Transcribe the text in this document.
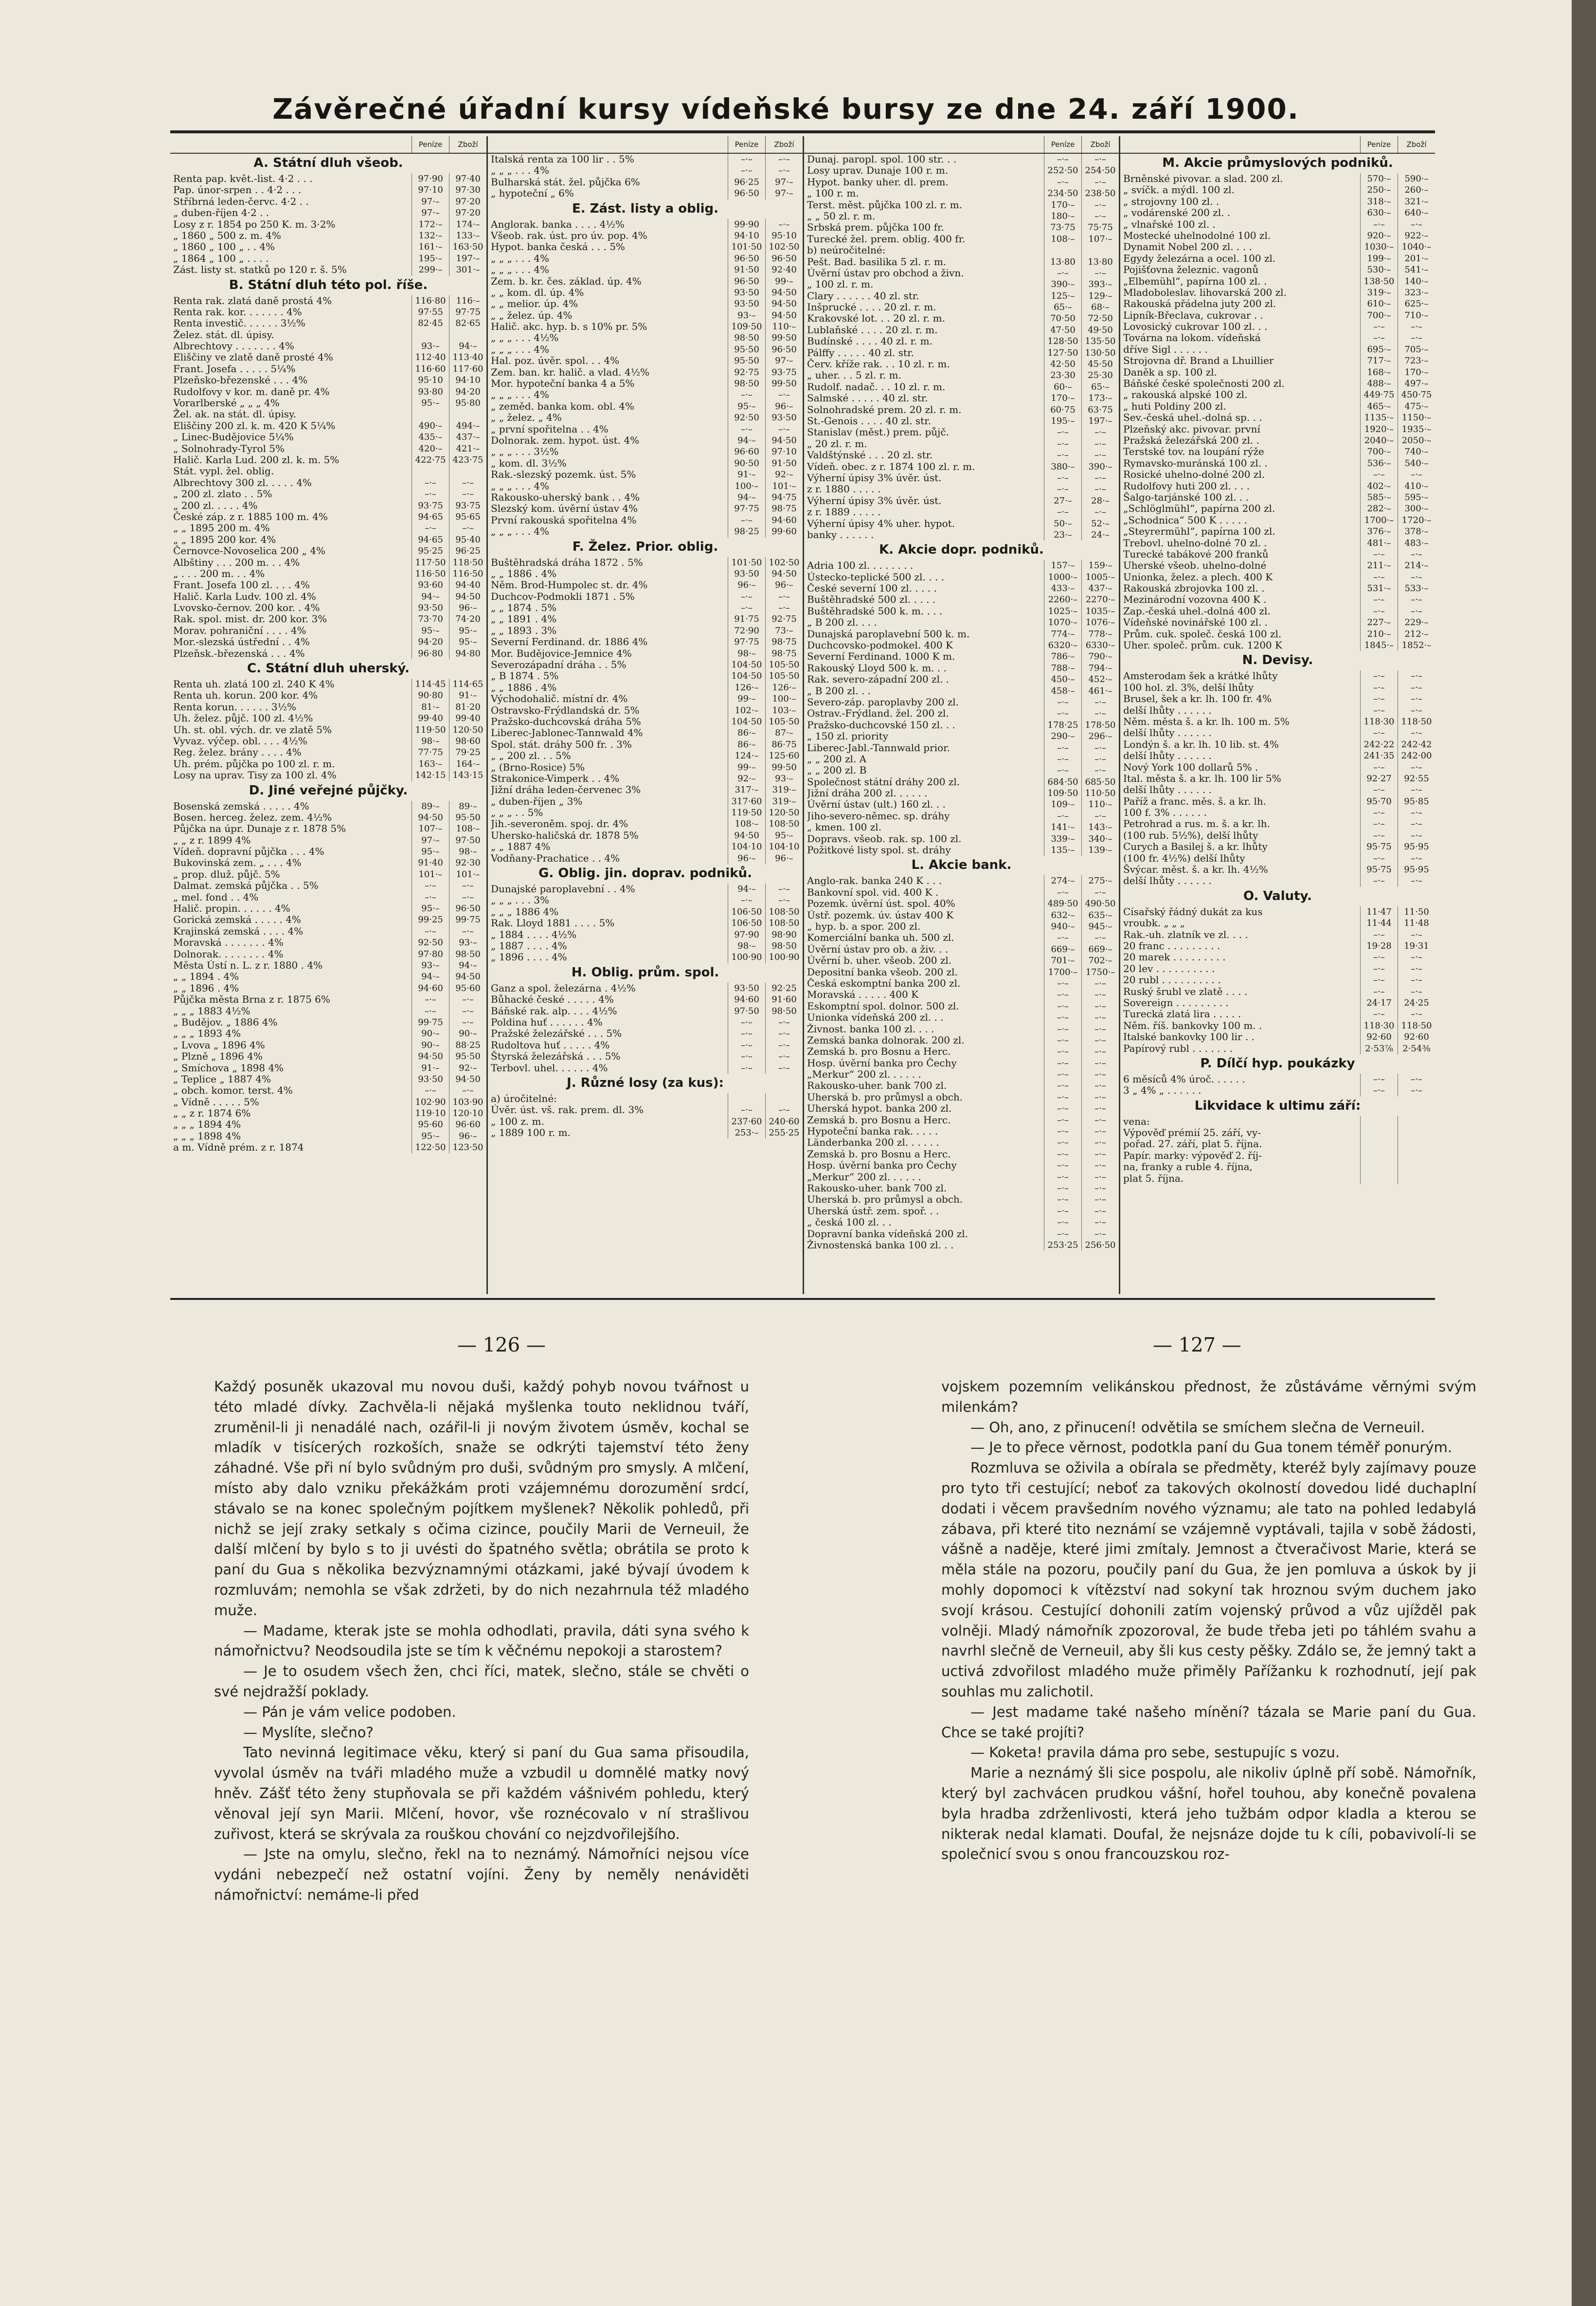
Závěrečné úřadní kursy vídeňské bursy ze dne 24. září 1900.
Peníze	Zboží
A. Státní dluh všeob.
Renta pap. květ.-list. 4·2 . . .	97·90	97·40
Pap. únor-srpen . . 4·2 . . .	97·10	97·30
Stříbrná leden-červc. 4·2 . .	97·–	97·20
„ duben-říjen 4·2 . .	97·–	97·20
Losy z r. 1854 po 250 K. m. 3·2%	172·–	174·–
„ 1860 „ 500 z. m. 4%	132·–	133·–
„ 1860 „ 100 „ . . 4%	161·–	163·50
„ 1864 „ 100 „ . . . .	195·–	197·–
Zást. listy st. statků po 120 r. š. 5%	299·–	301·–
B. Státní dluh této pol. říše.
Renta rak. zlatá daně prostá 4%	116·80	116·–
Renta rak. kor. . . . . . . 4%	97·55	97·75
Renta investič. . . . . . 3½%	82·45	82·65
Želez. stát. dl. úpisy.
Albrechtovy . . . . . . . 4%	93·–	94·–
Eliščiny ve zlatě daně prosté 4%	112·40 113·40
Frant. Josefa . . . . . 5¼%	116·60 117·60
Plzeňsko-březenské . . . 4%	95·10	94·10
Rudolfovy v kor. m. daně pr. 4%	93·80	94·20
Vorarlberské „ „ „ 4%	95·–	95·80
Žel. ak. na stát. dl. úpisy.
Eliščiny 200 zl. k. m. 420 K 5¼%	490·–	494·–
„ Linec-Budějovice 5¼%	435·–	437·–
„ Solnohrady-Tyrol 5%	420·–	421·–
Halič. Karla Lud. 200 zl. k. m. 5%	422·75 423·75
Stát. vypl. žel. oblig.
Albrechtovy 300 zl. . . . . 4%	–·–	–·–
„ 200 zl. zlato . . 5%	–·–	–·–
„ 200 zl. . . . . 4%	93·75	93·75
České záp. z r. 1885 100 m. 4%	94·65	95·65
„ „ 1895 200 m. 4%	–·–	–·–
„ „ 1895 200 kor. 4%	94·65	95·40
Černovce-Novoselica 200 „ 4%	95·25	96·25
Albštiny . . . 200 m. . . 4%	117·50 118·50
„ . . . 200 m. . . 4%	116·50 116·50
Frant. Josefa 100 zl. . . . 4%	93·60	94·40
Halič. Karla Ludv. 100 zl. 4%	94·–	94·50
Lvovsko-černov. 200 kor. . 4%	93·50	96·–
Rak. spol. mist. dr. 200 kor. 3%	73·70	74·20
Morav. pohraniční . . . . 4%	95·–	95·–
Mor.-slezská ústřední . . 4%	94·20	95·–
Plzeňsk.-březenská . . . 4%	96·80	94·80
C. Státní dluh uherský.
Renta uh. zlatá 100 zl. 240 K 4%	114·45 114·65
Renta uh. korun. 200 kor. 4%	90·80	91·–
Renta korun. . . . . . 3½%	81·–	81·20
Uh. želez. půjč. 100 zl. 4½%	99·40	99·40
Uh. st. obl. vých. dr. ve zlatě 5%	119·50 120·50
Vyvaz. výčep. obl. . . . 4½%	98·–	98·60
Reg. želez. brány . . . . 4%	77·75	79·25
Uh. prém. půjčka po 100 zl. r. m.	163·–	164·–
Losy na uprav. Tisy za 100 zl. 4%	142·15 143·15
D. Jiné veřejné půjčky.
Bosenská zemská . . . . . 4%	89·–	89·–
Bosen. herceg. želez. zem. 4½%	94·50	95·50
Půjčka na úpr. Dunaje z r. 1878 5%	107·–	108·–
„ „ z r. 1899 4%	97·–	97·50
Vídeň. dopravní půjčka . . . 4%	95·–	98·–
Bukovinská zem. „ . . . 4%	91·40	92·30
„ prop. dluž. půjč. 5%	101·–	101·–
Dalmat. zemská půjčka . . 5%	–·–	–·–
„ mel. fond . . 4%	–·–	–·–
Halič. propin. . . . . . 4%	95·–	96·50
Gorická zemská . . . . . 4%	99·25	99·75
Krajinská zemská . . . . 4%	–·–	–·–
Moravská . . . . . . . 4%	92·50	93·–
Dolnorak. . . . . . . . 4%	97·80	98·50
Města Ústí n. L. z r. 1880 . 4%	93·–	94·–
„ „ 1894 . 4%	94·–	94·50
„ „ 1896 . 4%	94·60	95·60
Půjčka města Brna z r. 1875 6%	–·–	–·–
„ „ „ 1883 4½%	–·–	–·–
„ Budějov. „ 1886 4%	99·75	–·–
„ „ „ 1893 4%	90·–	90·–
„ Lvova „ 1896 4%	90·–	88·25
„ Plzně „ 1896 4%	94·50	95·50
„ Smíchova „ 1898 4%	91·–	92·–
„ Teplice „ 1887 4%	93·50	94·50
„ obch. komor. terst. 4%	–·–	–·–
„ Vídně . . . . . 5%	102·90 103·90
„ „ z r. 1874 6%	119·10 120·10
„ „ „ 1894 4%	95·60	96·60
„ „ „ 1898 4%	95·–	96·–
a m. Vídně prém. z r. 1874	122·50 123·50
Peníze	Zboží
Italská renta za 100 lir . . 5%	–·–	–·–
„ „ „ . . . 4%	–·–	–·–
Bulharská stát. žel. půjčka 6%	96·25	97·–
„ hypoteční „ 6%	96·50	97·–
E. Zást. listy a oblig.
Anglorak. banka . . . . 4½%	99·90	–·–
Všeob. rak. úst. pro úv. pop. 4%	94·10	95·10
Hypot. banka česká . . . 5%	101·50 102·50
„ „ „ . . . 4%	96·50	96·50
„ „ „ . . . 4%	91·50	92·40
Zem. b. kr. čes. základ. úp. 4%	96·50	99·–
„ „ kom. dl. úp. 4%	93·50	94·50
„ „ melior. úp. 4%	93·50	94·50
„ „ želez. úp. 4%	93·–	94·50
Halič. akc. hyp. b. s 10% pr. 5%	109·50	110·–
„ „ „ . . . 4½%	98·50	99·50
„ „ „ . . . 4%	95·50	96·50
Hal. poz. úvěr. spol. . . 4%	95·50	97·–
Zem. ban. kr. halič. a vlad. 4½%	92·75	93·75
Mor. hypoteční banka 4 a 5%	98·50	99·50
„ „ „ . . . 4%	–·–	–·–
„ zeměd. banka kom. obl. 4%	95·–	96·–
„ „ želez. „ 4%	92·50	93·50
„ první spořitelna . . 4%	–·–	–·–
Dolnorak. zem. hypot. úst. 4%	94·–	94·50
„ „ „ . . . 3½%	96·60	97·10
„ kom. dl. 3½%	90·50	91·50
Rak.-slezský pozemk. úst. 5%	91·–	92·–
„ „ „ . . . 4%	100·–	101·–
Rakousko-uherský bank . . 4%	94·–	94·75
Slezský kom. úvěrní ústav 4%	97·75	98·75
První rakouská spořitelna 4%	–·–	94·60
„ „ „ . . . 4%	98·25	99·60
F. Želez. Prior. oblig.
Buštěhradská dráha 1872 . 5%	101·50 102·50
„ „ 1886 . 4%	93·50	94·50
Něm. Brod-Humpolec st. dr. 4%	96·–	96·–
Duchcov-Podmokli 1871 . 5%	–·–	–·–
„ „ 1874 . 5%	–·–	–·–
„ „ 1891 . 4%	91·75	92·75
„ „ 1893 . 3%	72·90	73·–
Severní Ferdinand. dr. 1886 4%	97·75	98·75
Mor. Budějovice-Jemnice 4%	98·–	98·75
Severozápadní dráha . . 5%	104·50 105·50
„ B 1874 . 5%	104·50 105·50
„ „ 1886 . 4%	126·–	126·–
Východohalič. místní dr. 4%	99·–	100·–
Ostravsko-Frýdlandská dr. 5%	102·–	103·–
Pražsko-duchcovská dráha 5%	104·50 105·50
Liberec-Jablonec-Tannwald 4%	86·–	87·–
Spol. stát. dráhy 500 fr. . 3%	86·–	86·75
„ „ 200 zl. . . 5%	124·–	125·60
„ (Brno-Rosice) 5%	99·–	99·50
Strakonice-Vimperk . . 4%	92·–	93·–
Jižní dráha leden-červenec 3%	317·–	319·–
„ duben-říjen „ 3%	317·60	319·–
„ „ „ . . 5%	119·50 120·50
Jih.-severoněm. spoj. dr. 4%	108·–	108·50
Uhersko-haličská dr. 1878 5%	94·50	95·–
„ „ 1887 4%	104·10 104·10
Vodňany-Prachatice . . 4%	96·–	96·–
G. Oblig. jin. doprav. podniků.
Dunajské paroplavební . . 4%	94·–	–·–
„ „ „ . . . 3%	–·–	–·–
„ „ „ 1886 4%	106·50 108·50
Rak. Lloyd 1881 . . . . 5%	106·50 108·50
„ 1884 . . . . 4½%	97·90	98·90
„ 1887 . . . . 4%	98·–	98·50
„ 1896 . . . . 4%	100·90 100·90
H. Oblig. prům. spol.
Ganz a spol. železárna . 4½%	93·50	92·25
Bůhacké české . . . . . 4%	94·60	91·60
Báňské rak. alp. . . . 4½%	97·50	98·50
Poldina huť . . . . . . 4%	–·–	–·–
Pražské železářské . . . 5%	–·–	–·–
Rudoltova huť . . . . . 4%	–·–	–·–
Štyrská železářská . . . 5%	–·–	–·–
Terbovl. uhel. . . . . . 4%	–·–	–·–
J. Různé losy (za kus):
a) úročitelné:
Úvěr. úst. vš. rak. prem. dl. 3%	–·–	–·–
„ 100 z. m.	237·60 240·60
„ 1889 100 r. m.	253·–	255·25
Peníze	Zboží
Dunaj. paropl. spol. 100 str. . .	–·–	–·–
Losy uprav. Dunaje 100 r. m.	252·50 254·50
Hypot. banky uher. dl. prem.	–·–	–·–
„ 100 r. m.	234·50 238·50
Terst. měst. půjčka 100 zl. r. m.	170·–	–·–
„ „ 50 zl. r. m.	180·–	–·–
Srbská prem. půjčka 100 fr.	73·75	75·75
Turecké žel. prem. oblig. 400 fr.	108·–	107·–
b) neúročitelné:
Pešt. Bad. basilika 5 zl. r. m.	13·80	13·80
Úvěrní ústav pro obchod a živn.	–·–	–·–
„ 100 zl. r. m.	390·–	393·–
Clary . . . . . . 40 zl. str.	125·–	129·–
Inšprucké . . . . 20 zl. r. m.	65·–	68·–
Krakovské lot. . . 20 zl. r. m.	70·50	72·50
Lublaňské . . . . 20 zl. r. m.	47·50	49·50
Budínské . . . . 40 zl. r. m.	128·50 135·50
Pálffy . . . . . 40 zl. str.	127·50 130·50
Červ. kříže rak. . . 10 zl. r. m.	42·50	45·50
„ uher. . . 5 zl. r. m.	23·30	25·30
Rudolf. nadač. . . 10 zl. r. m.	60·–	65·–
Salmské . . . . . 40 zl. str.	170·–	173·–
Solnohradské prem. 20 zl. r. m.	60·75	63·75
St.-Genois . . . . 40 zl. str.	195·–	197·–
Stanislav (měst.) prem. půjč.	–·–	–·–
„ 20 zl. r. m.	–·–	–·–
Valdštýnské . . . 20 zl. str.	–·–	–·–
Vídeň. obec. z r. 1874 100 zl. r. m.	380·–	390·–
Výherní úpisy 3% úvěr. úst.	–·–	–·–
z r. 1880 . . . . .	–·–	–·–
Výherní úpisy 3% úvěr. úst.	27·–	28·–
z r. 1889 . . . . .	–·–	–·–
Výherní úpisy 4% uher. hypot.	50·–	52·–
banky . . . . . .	23·–	24·–
K. Akcie dopr. podniků.
Adria 100 zl. . . . . . . .	157·–	159·–
Ústecko-teplické 500 zl. . . .	1000·– 1005·–
České severní 100 zl. . . . .	433·–	437·–
Buštěhradské 500 zl. . . . .	2260·– 2270·–
Buštěhradské 500 k. m. . . .	1025·– 1035·–
„ B 200 zl. . . .	1070·– 1076·–
Dunajská paroplavební 500 k. m.	774·–	778·–
Duchcovsko-podmokel. 400 K	6320·– 6330·–
Severní Ferdinand. 1000 K m.	786·–	790·–
Rakouský Lloyd 500 k. m. . .	788·–	794·–
Rak. severo-západní 200 zl. .	450·–	452·–
„ B 200 zl. . .	458·–	461·–
Severo-záp. paroplavby 200 zl.	–·–	–·–
Ostrav.-Frýdland. žel. 200 zl.	–·–	–·–
Pražsko-duchcovské 150 zl. . .	178·25 178·50
„ 150 zl. priority	290·–	296·–
Liberec-Jabl.-Tannwald prior.	–·–	–·–
„ „ 200 zl. A	–·–	–·–
„ „ 200 zl. B	–·–	–·–
Společnost státní dráhy 200 zl.	684·50 685·50
Jižní dráha 200 zl. . . . . .	109·50 110·50
Úvěrní ústav (ult.) 160 zl. . .	109·–	110·–
Jiho-severo-němec. sp. dráhy	–·–	–·–
„ kmen. 100 zl.	141·–	143·–
Dopravs. všeob. rak. sp. 100 zl.	339·–	340·–
Požitkové listy spol. st. dráhy	135·–	139·–
L. Akcie bank.
Anglo-rak. banka 240 K . . .	274·–	275·–
Bankovní spol. vid. 400 K .	–·–	–·–
Pozemk. úvěrní úst. spol. 40%	489·50 490·50
Ústř. pozemk. úv. ústav 400 K	632·–	635·–
„ hyp. b. a spor. 200 zl.	940·–	945·–
Komerciální banka uh. 500 zl.	–·–	–·–
Úvěrní ústav pro ob. a živ. . .	669·–	669·–
Úvěrní b. uher. všeob. 200 zl.	701·–	702·–
Depositní banka všeob. 200 zl.	1700·– 1750·–
Česká eskomptní banka 200 zl.	–·–	–·–
Moravská . . . . . 400 K	–·–	–·–
Eskomptní spol. dolnor. 500 zl.	–·–	–·–
Unionka vídeňská 200 zl. . .	–·–	–·–
Živnost. banka 100 zl. . . .	–·–	–·–
Zemská banka dolnorak. 200 zl.	–·–	–·–
Zemská b. pro Bosnu a Herc.	–·–	–·–
Hosp. úvěrní banka pro Čechy	–·–	–·–
„Merkur“ 200 zl. . . . . .	–·–	–·–
Rakousko-uher. bank 700 zl.	–·–	–·–
Uherská b. pro průmysl a obch.	–·–	–·–
Uherská hypot. banka 200 zl.	–·–	–·–
Zemská b. pro Bosnu a Herc.	–·–	–·–
Hypoteční banka rak. . . . .	–·–	–·–
Länderbanka 200 zl. . . . . .	–·–	–·–
Zemská b. pro Bosnu a Herc.	–·–	–·–
Hosp. úvěrní banka pro Čechy	–·–	–·–
„Merkur“ 200 zl. . . . . .	–·–	–·–
Rakousko-uher. bank 700 zl.	–·–	–·–
Uherská b. pro průmysl a obch.	–·–	–·–
Uherská ústř. zem. spoř. . .	–·–	–·–
„ česká 100 zl. . .	–·–	–·–
Dopravní banka vídeňská 200 zl.	–·–	–·–
Živnostenská banka 100 zl. . .	253·25 256·50
Peníze	Zboží
M. Akcie průmyslových podniků.
Brněnské pivovar. a slad. 200 zl.	570·–	590·–
„ svíčk. a mýdl. 100 zl.	250·–	260·–
„ strojovny 100 zl. .	318·–	321·–
„ vodárenské 200 zl. .	630·–	640·–
„ vlnařské 100 zl. .	–·–	–·–
Mostecké uhelnodolné 100 zl.	920·–	922·–
Dynamit Nobel 200 zl. . . .	1030·– 1040·–
Egydy železárna a ocel. 100 zl.	199·–	201·–
Pojišťovna železnic. vagonů	530·–	541·–
„Elbemühl“, papírna 100 zl. .	138·50	140·–
Mladoboleslav. lihovarská 200 zl.	319·–	323·–
Rakouská přádelna juty 200 zl.	610·–	625·–
Lipník-Břeclava, cukrovar . .	700·–	710·–
Lovosický cukrovar 100 zl. . .	–·–	–·–
Továrna na lokom. vídeňská	–·–	–·–
dříve Sigl . . . . . .	695·–	705·–
Strojovna dř. Brand a Lhuillier	717·–	723·–
Daněk a sp. 100 zl.	168·–	170·–
Báňské české společnosti 200 zl.	488·–	497·–
„ rakouská alpské 100 zl.	449·75 450·75
„ huti Poldiny 200 zl.	465·–	475·–
Sev.-česká uhel.-dolná sp. . .	1135·– 1150·–
Plzeňský akc. pivovar. první	1920·– 1935·–
Pražská železářská 200 zl. .	2040·– 2050·–
Terstské tov. na loupání rýže	700·–	740·–
Rymavsko-muránská 100 zl. .	536·–	540·–
Rosické uhelno-dolné 200 zl.	–·–	–·–
Rudolfovy huti 200 zl. . . .	402·–	410·–
Šalgo-tarjánské 100 zl. . .	585·–	595·–
„Schlöglmühl“, papírna 200 zl.	282·–	300·–
„Schodnica“ 500 K . . . . .	1700·– 1720·–
„Steyrermühl“, papírna 100 zl.	376·–	378·–
Trebovl. uhelno-dolné 70 zl. .	481·–	483·–
Turecké tabákové 200 franků	–·–	–·–
Uherské všeob. uhelno-dolné	211·–	214·–
Unionka, želez. a plech. 400 K	–·–	–·–
Rakouská zbrojovka 100 zl. .	531·–	533·–
Mezinárodní vozovna 400 K .	–·–	–·–
Zap.-česká uhel.-dolná 400 zl.	–·–	–·–
Vídeňské novinářské 100 zl. .	227·–	229·–
Prům. cuk. společ. česká 100 zl.	210·–	212·–
Uher. společ. prům. cuk. 1200 K	1845·– 1852·–
N. Devisy.
Amsterodam šek a krátké lhůty	–·–	–·–
100 hol. zl. 3%, delší lhůty	–·–	–·–
Brusel, šek a kr. lh. 100 fr. 4%	–·–	–·–
delší lhůty . . . . . .	–·–	–·–
Něm. města š. a kr. lh. 100 m. 5%	118·30 118·50
delší lhůty . . . . . .	–·–	–·–
Londýn š. a kr. lh. 10 lib. st. 4%	242·22 242·42
delší lhůty . . . . . .	241·35 242·00
Nový York 100 dollarů 5% .	–·–	–·–
Ital. města š. a kr. lh. 100 lir 5%	92·27	92·55
delší lhůty . . . . . .	–·–	–·–
Paříž a franc. měs. š. a kr. lh.	95·70	95·85
100 f. 3% . . . . . .	–·–	–·–
Petrohrad a rus. m. š. a kr. lh.	–·–	–·–
(100 rub. 5½%), delší lhůty	–·–	–·–
Curych a Basilej š. a kr. lhůty	95·75	95·95
(100 fr. 4½%) delší lhůty	–·–	–·–
Švýcar. měst. š. a kr. lh. 4½%	95·75	95·95
delší lhůty . . . . . .	–·–	–·–
O. Valuty.
Císařský řádný dukát za kus	11·47	11·50
vroubk. „ „ „	11·44	11·48
Rak.-uh. zlatník ve zl. . . .	–·–	–·–
20 franc . . . . . . . . .	19·28	19·31
20 marek . . . . . . . . .	–·–	–·–
20 lev . . . . . . . . . .	–·–	–·–
20 rubl . . . . . . . . . .	–·–	–·–
Ruský šrubl ve zlatě . . . .	–·–	–·–
Sovereign . . . . . . . . .	24·17	24·25
Turecká zlatá lira . . . . .	–·–	–·–
Něm. říš. bankovky 100 m. .	118·30 118·50
Italské bankovky 100 lir . .	92·60	92·60
Papírový rubl . . . . . . .	2·53⅞	2·54⅜
P. Dílčí hyp. poukázky
6 měsíců 4% úroč. . . . . .	–·–	–·–
3 „ 4% „ . . . . . .	–·–	–·–
Likvidace k ultimu září:
vena:
Výpověď prémií 25. září, vy-
pořad. 27. září, plat 5. října.
Papír. marky: výpověď 2. říj-
na, franky a ruble 4. října,
plat 5. října.
— 126 —	— 127 —

Každý posuněk ukazoval mu novou duši, každý pohyb novou tvářnost u této mladé dívky. Zachvěla-li nějaká myšlenka touto neklidnou tváří, zruměnil-li ji nenadálé nach, ozářil-li ji novým životem úsměv, kochal se mladík v tisícerých rozkoších, snaže se odkrýti tajemství této ženy záhadné. Vše při ní bylo svůdným pro duši, svůdným pro smysly. A mlčení, místo aby dalo vzniku překážkám proti vzájemnému dorozumění srdcí, stávalo se na konec společným pojítkem myšlenek? Několik pohledů, při nichž se její zraky setkaly s očima cizince, poučily Marii de Verneuil, že další mlčení by bylo s to ji uvésti do špatného světla; obrátila se proto k paní du Gua s několika bezvýznamnými otázkami, jaké bývají úvodem k rozmluvám; nemohla se však zdržeti, by do nich nezahrnula též mladého muže.

— Madame, kterak jste se mohla odhodlati, pravila, dáti syna svého k námořnictvu? Neodsoudila jste se tím k věčnému nepokoji a starostem?

— Je to osudem všech žen, chci říci, matek, slečno, stále se chvěti o své nejdražší poklady.

— Pán je vám velice podoben.

— Myslíte, slečno?

Tato nevinná legitimace věku, který si paní du Gua sama přisoudila, vyvolal úsměv na tváři mladého muže a vzbudil u domnělé matky nový hněv. Zášť této ženy stupňovala se při každém vášnivém pohledu, který věnoval její syn Marii. Mlčení, hovor, vše roznécovalo v ní strašlivou zuřivost, která se skrývala za rouškou chování co nejzdvořilejšího.

— Jste na omylu, slečno, řekl na to neznámý. Námořníci nejsou více vydáni nebezpečí než ostatní vojíni. Ženy by neměly nenáviděti námořnictví: nemáme-li před

vojskem pozemním velikánskou přednost, že zůstáváme věrnými svým milenkám?

— Oh, ano, z přinucení! odvětila se smíchem slečna de Verneuil.

— Je to přece věrnost, podotkla paní du Gua tonem téměř ponurým.

Rozmluva se oživila a obírala se předměty, kteréž byly zajímavy pouze pro tyto tři cestující; neboť za takových okolností dovedou lidé duchaplní dodati i věcem pravšedním nového významu; ale tato na pohled ledabylá zábava, při které tito neznámí se vzájemně vyptávali, tajila v sobě žádosti, vášně a naděje, které jimi zmítaly. Jemnost a čtveračivost Marie, která se měla stále na pozoru, poučily paní du Gua, že jen pomluva a úskok by ji mohly dopomoci k vítězství nad sokyní tak hroznou svým duchem jako svojí krásou. Cestující dohonili zatím vojenský průvod a vůz ujížděl pak volněji. Mladý námořník zpozoroval, že bude třeba jeti po táhlém svahu a navrhl slečně de Verneuil, aby šli kus cesty pěšky. Zdálo se, že jemný takt a uctivá zdvořilost mladého muže přiměly Pařížanku k rozhodnutí, její pak souhlas mu zalichotil.

— Jest madame také našeho mínění? tázala se Marie paní du Gua. Chce se také projíti?

— Koketa! pravila dáma pro sebe, sestupujíc s vozu.

Marie a neznámý šli sice pospolu, ale nikoliv úplně pří sobě. Námořník, který byl zachvácen prudkou vášní, hořel touhou, aby konečně povalena byla hradba zdrženlivosti, která jeho tužbám odpor kladla a kterou se nikterak nedal klamati. Doufal, že nejsnáze dojde tu k cíli, pobavivolí-li se společnicí svou s onou francouzskou roz-
